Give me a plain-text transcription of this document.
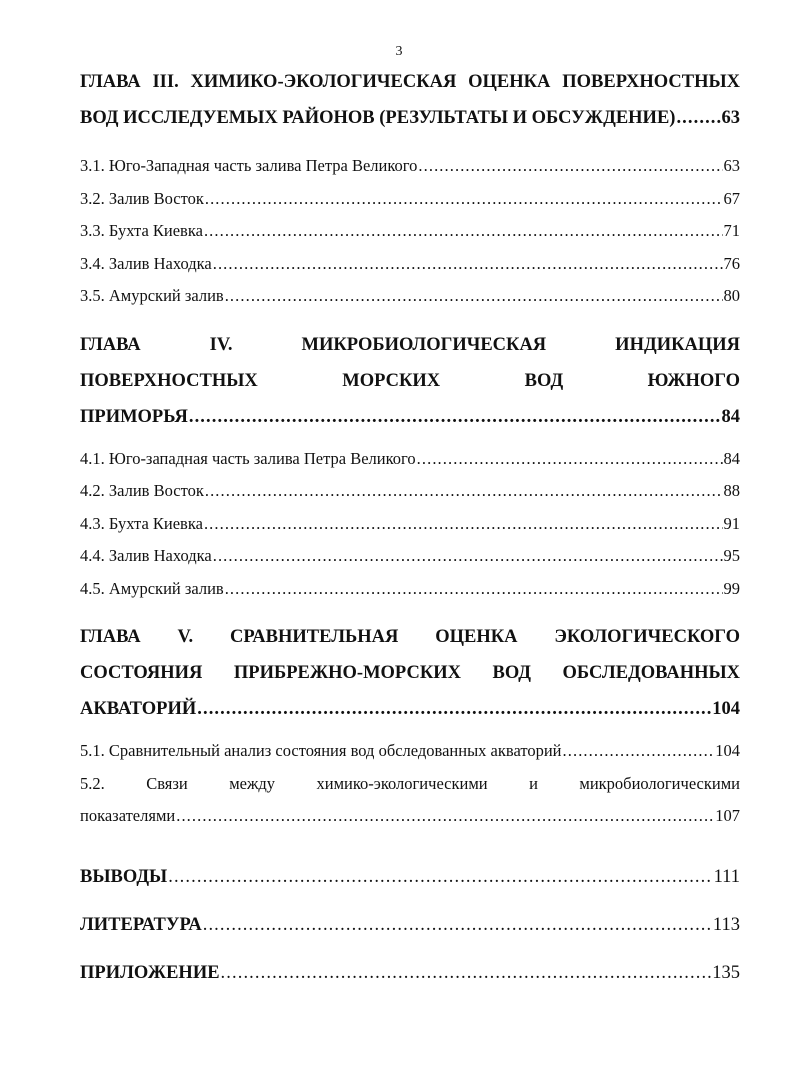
3
ГЛАВА III. ХИМИКО-ЭКОЛОГИЧЕСКАЯ ОЦЕНКА ПОВЕРХНОСТНЫХ
ВОД ИССЛЕДУЕМЫХ РАЙОНОВ (РЕЗУЛЬТАТЫ И ОБСУЖДЕНИЕ) ..... 63
3.1. Юго-Западная часть залива Петра Великого .....	63
3.2. Залив Восток .....	67
3.3. Бухта Киевка .....	71
3.4. Залив Находка .....	76
3.5. Амурский залив .....	80
ГЛАВА IV. МИКРОБИОЛОГИЧЕСКАЯ ИНДИКАЦИЯ
ПОВЕРХНОСТНЫХ МОРСКИХ ВОД ЮЖНОГО
ПРИМОРЬЯ .....	84
4.1. Юго-западная часть залива Петра Великого .....	84
4.2. Залив Восток .....	88
4.3. Бухта Киевка .....	91
4.4. Залив Находка .....	95
4.5. Амурский залив .....	99
ГЛАВА V. СРАВНИТЕЛЬНАЯ ОЦЕНКА ЭКОЛОГИЧЕСКОГО
СОСТОЯНИЯ ПРИБРЕЖНО-МОРСКИХ ВОД ОБСЛЕДОВАННЫХ
АКВАТОРИЙ .....	104
5.1. Сравнительный анализ состояния вод обследованных акваторий .....	104
5.2. Связи между химико-экологическими и микробиологическими
показателями .....	107
ВЫВОДЫ .....	111
ЛИТЕРАТУРА .....	113
ПРИЛОЖЕНИЕ .....	135
